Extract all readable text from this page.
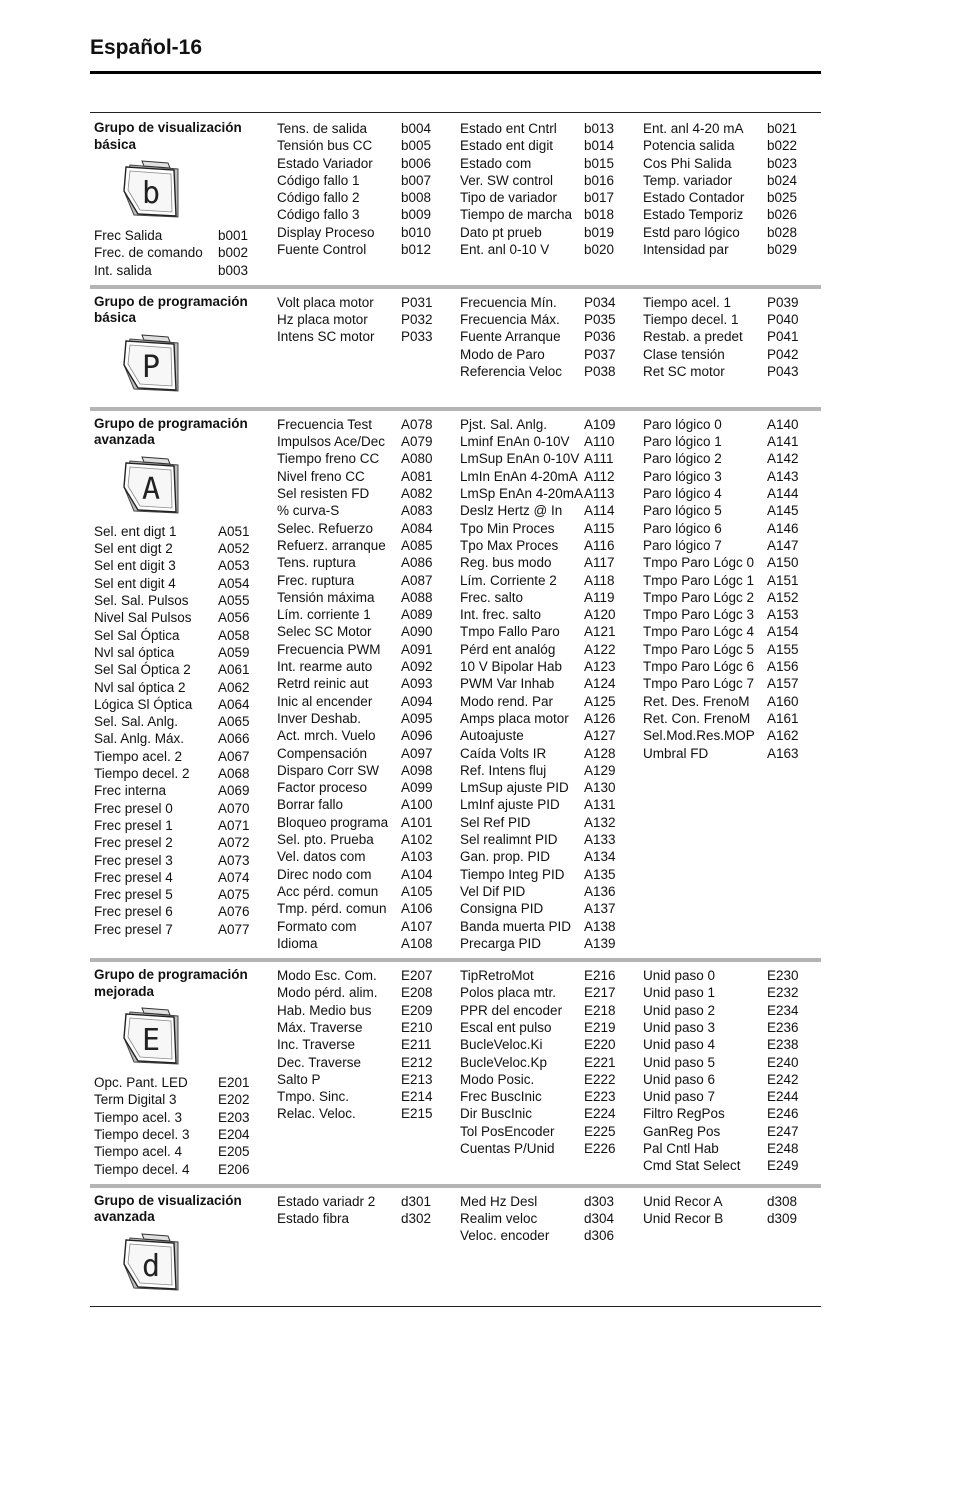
Español-16
Grupo de visualización básica
b
Frec Salida	b001
Frec. de comando	b002
Int. salida	b003
Tens. de salida	b004
Tensión bus CC	b005
Estado Variador	b006
Código fallo 1	b007
Código fallo 2	b008
Código fallo 3	b009
Display Proceso	b010
Fuente Control	b012
Estado ent Cntrl	b013
Estado ent digit	b014
Estado com	b015
Ver. SW control	b016
Tipo de variador	b017
Tiempo de marcha b018
Dato pt prueb	b019
Ent. anl 0-10 V	b020
Ent. anl 4-20 mA	b021
Potencia salida	b022
Cos Phi Salida	b023
Temp. variador	b024
Estado Contador	b025
Estado Temporiz	b026
Estd paro lógico	b028
Intensidad par	b029
Grupo de programación básica
P
Volt placa motor	P031
Hz placa motor	P032
Intens SC motor	P033
Frecuencia Mín.	P034
Frecuencia Máx.	P035
Fuente Arranque	P036
Modo de Paro	P037
Referencia Veloc	P038
Tiempo acel. 1	P039
Tiempo decel. 1	P040
Restab. a predet	P041
Clase tensión	P042
Ret SC motor	P043
Grupo de programación avanzada
A
Sel. ent digt 1	A051
Sel ent digt 2	A052
Sel ent digit 3	A053
Sel ent digit 4	A054
Sel. Sal. Pulsos	A055
Nivel Sal Pulsos	A056
Sel Sal Óptica	A058
Nvl sal óptica	A059
Sel Sal Óptica 2	A061
Nvl sal óptica 2	A062
Lógica Sl Óptica	A064
Sel. Sal. Anlg.	A065
Sal. Anlg. Máx.	A066
Tiempo acel. 2	A067
Tiempo decel. 2	A068
Frec interna	A069
Frec presel 0	A070
Frec presel 1	A071
Frec presel 2	A072
Frec presel 3	A073
Frec presel 4	A074
Frec presel 5	A075
Frec presel 6	A076
Frec presel 7	A077
Frecuencia Test	A078
Impulsos Ace/Dec	A079
Tiempo freno CC	A080
Nivel freno CC	A081
Sel resisten FD	A082
% curva-S	A083
Selec. Refuerzo	A084
Refuerz. arranque	A085
Tens. ruptura	A086
Frec. ruptura	A087
Tensión máxima	A088
Lím. corriente 1	A089
Selec SC Motor	A090
Frecuencia PWM	A091
Int. rearme auto	A092
Retrd reinic aut	A093
Inic al encender	A094
Inver Deshab.	A095
Act. mrch. Vuelo	A096
Compensación	A097
Disparo Corr SW	A098
Factor proceso	A099
Borrar fallo	A100
Bloqueo programa A101
Sel. pto. Prueba	A102
Vel. datos com	A103
Direc nodo com	A104
Acc pérd. comun	A105
Tmp. pérd. comun	A106
Formato com	A107
Idioma	A108
Pjst. Sal. Anlg.	A109
Lminf EnAn 0-10V	A110
LmSup EnAn 0-10V A111
LmIn EnAn 4-20mA A112
LmSp EnAn 4-20mA A113
Deslz Hertz @ In	A114
Tpo Min Proces	A115
Tpo Max Proces	A116
Reg. bus modo	A117
Lím. Corriente 2	A118
Frec. salto	A119
Int. frec. salto	A120
Tmpo Fallo Paro	A121
Pérd ent analóg	A122
10 V Bipolar Hab	A123
PWM Var Inhab	A124
Modo rend. Par	A125
Amps placa motor	A126
Autoajuste	A127
Caída Volts IR	A128
Ref. Intens fluj	A129
LmSup ajuste PID	A130
LmInf ajuste PID	A131
Sel Ref PID	A132
Sel realimnt PID	A133
Gan. prop. PID	A134
Tiempo Integ PID	A135
Vel Dif PID	A136
Consigna PID	A137
Banda muerta PID A138
Precarga PID	A139
Paro lógico 0	A140
Paro lógico 1	A141
Paro lógico 2	A142
Paro lógico 3	A143
Paro lógico 4	A144
Paro lógico 5	A145
Paro lógico 6	A146
Paro lógico 7	A147
Tmpo Paro Lógc 0 A150
Tmpo Paro Lógc 1 A151
Tmpo Paro Lógc 2 A152
Tmpo Paro Lógc 3 A153
Tmpo Paro Lógc 4 A154
Tmpo Paro Lógc 5 A155
Tmpo Paro Lógc 6 A156
Tmpo Paro Lógc 7 A157
Ret. Des. FrenoM	A160
Ret. Con. FrenoM	A161
Sel.Mod.Res.MOP A162
Umbral FD	A163
Grupo de programación mejorada
E
Opc. Pant. LED	E201
Term Digital 3	E202
Tiempo acel. 3	E203
Tiempo decel. 3	E204
Tiempo acel. 4	E205
Tiempo decel. 4	E206
Modo Esc. Com.	E207
Modo pérd. alim.	E208
Hab. Medio bus	E209
Máx. Traverse	E210
Inc. Traverse	E211
Dec. Traverse	E212
Salto P	E213
Tmpo. Sinc.	E214
Relac. Veloc.	E215
TipRetroMot	E216
Polos placa mtr.	E217
PPR del encoder	E218
Escal ent pulso	E219
BucleVeloc.Ki	E220
BucleVeloc.Kp	E221
Modo Posic.	E222
Frec BuscInic	E223
Dir BuscInic	E224
Tol PosEncoder	E225
Cuentas P/Unid	E226
Unid paso 0	E230
Unid paso 1	E232
Unid paso 2	E234
Unid paso 3	E236
Unid paso 4	E238
Unid paso 5	E240
Unid paso 6	E242
Unid paso 7	E244
Filtro RegPos	E246
GanReg Pos	E247
Pal Cntl Hab	E248
Cmd Stat Select	E249
Grupo de visualización avanzada
d
Estado variadr 2	d301
Estado fibra	d302
Med Hz Desl	d303
Realim veloc	d304
Veloc. encoder	d306
Unid Recor A	d308
Unid Recor B	d309
